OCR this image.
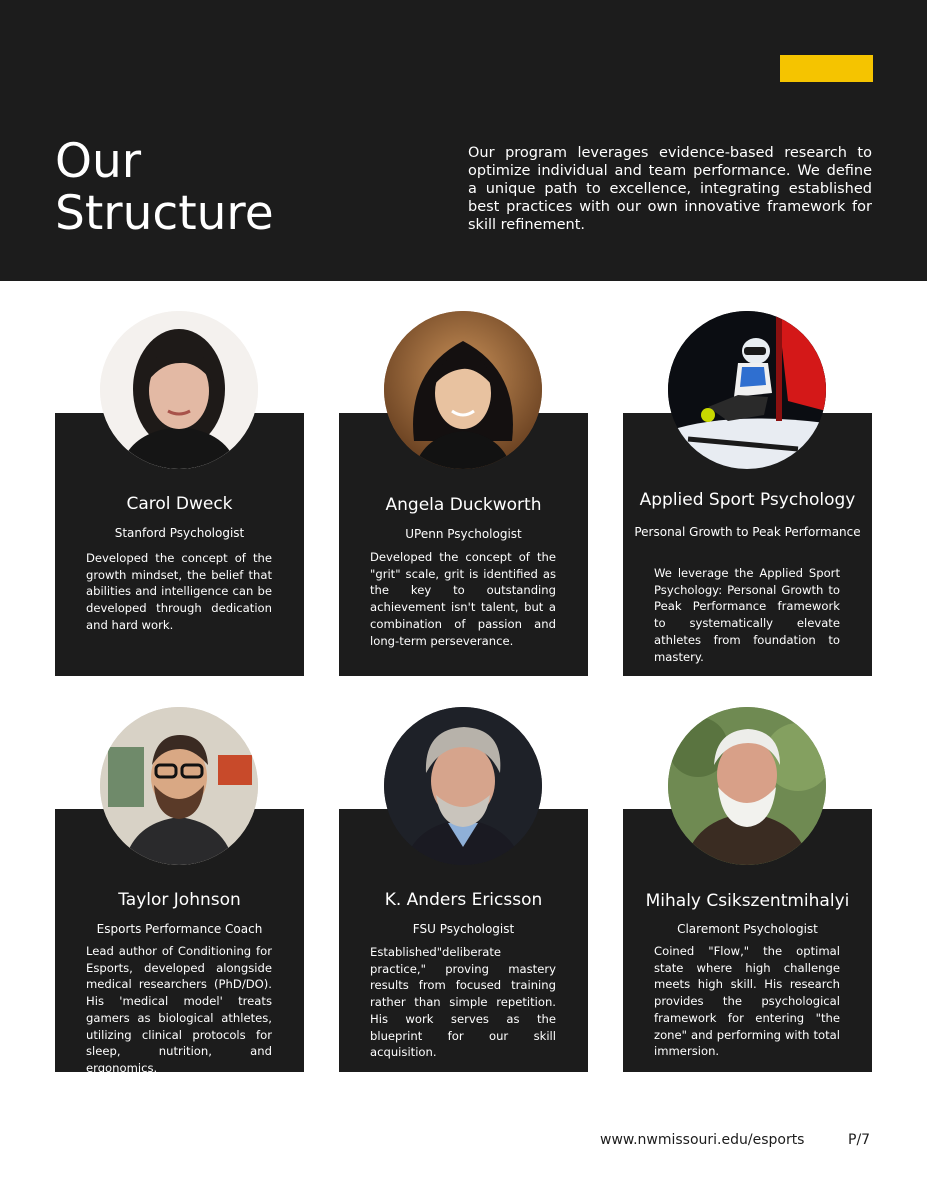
Our Structure

Our program leverages evidence-based research to optimize individual and team performance. We define a unique path to excellence, integrating established best practices with our own innovative framework for skill refinement.

Carol Dweck
Stanford Psychologist

Developed the concept of the growth mindset, the belief that abilities and intelligence can be developed through dedication and hard work.

Angela Duckworth
UPenn Psychologist

Developed the concept of the "grit" scale, grit is identified as the key to outstanding achievement isn't talent, but a combination of passion and long-term perseverance.

Applied Sport Psychology
Personal Growth to Peak Performance

We leverage the Applied Sport Psychology: Personal Growth to Peak Performance framework to systematically elevate athletes from foundation to mastery.

Taylor Johnson
Esports Performance Coach

Lead author of Conditioning for Esports, developed alongside medical researchers (PhD/DO). His 'medical model' treats gamers as biological athletes, utilizing clinical protocols for sleep, nutrition, and ergonomics.

K. Anders Ericsson
FSU Psychologist

Established"deliberate practice," proving mastery results from focused training rather than simple repetition. His work serves as the blueprint for our skill acquisition.

Mihaly Csikszentmihalyi
Claremont Psychologist

Coined "Flow," the optimal state where high challenge meets high skill. His research provides the psychological framework for entering "the zone" and performing with total immersion.

www.nwmissouri.edu/esports	P/7
